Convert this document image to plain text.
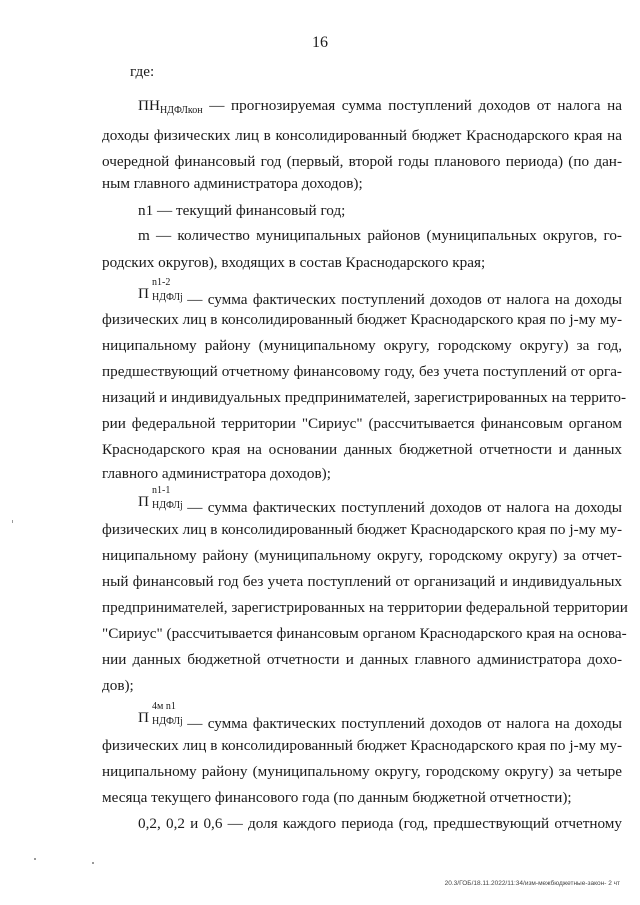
16
где:
$ПН_{НДФЛкон}$ — прогнозируемая сумма поступлений доходов от налога на
доходы физических лиц в консолидированный бюджет Краснодарского края на
очередной финансовый год (первый, второй годы планового периода) (по дан-
ным главного администратора доходов);
n1 — текущий финансовый год;
m — количество муниципальных районов (муниципальных округов, го-
родских округов), входящих в состав Краснодарского края;
П
n1-2
НДФЛj — сумма фактических поступлений доходов от налога на доходы
физических лиц в консолидированный бюджет Краснодарского края по j-му му-
ниципальному району (муниципальному округу, городскому округу) за год,
предшествующий отчетному финансовому году, без учета поступлений от орга-
низаций и индивидуальных предпринимателей, зарегистрированных на террито-
рии федеральной территории "Сириус" (рассчитывается финансовым органом
Краснодарского края на основании данных бюджетной отчетности и данных
главного администратора доходов);
П
n1-1
НДФЛj — сумма фактических поступлений доходов от налога на доходы
физических лиц в консолидированный бюджет Краснодарского края по j-му му-
ниципальному району (муниципальному округу, городскому округу) за отчет-
ный финансовый год без учета поступлений от организаций и индивидуальных
предпринимателей, зарегистрированных на территории федеральной территории
"Сириус" (рассчитывается финансовым органом Краснодарского края на основа-
нии данных бюджетной отчетности и данных главного администратора дохо-
дов);
П
4м n1
НДФЛj — сумма фактических поступлений доходов от налога на доходы
физических лиц в консолидированный бюджет Краснодарского края по j-му му-
ниципальному району (муниципальному округу, городскому округу) за четыре
месяца текущего финансового года (по данным бюджетной отчетности);
0,2, 0,2 и 0,6 — доля каждого периода (год, предшествующий отчетному
20.3/ГОБ/18.11.2022/11:34/изм-межбюджетные-закон- 2 чт
